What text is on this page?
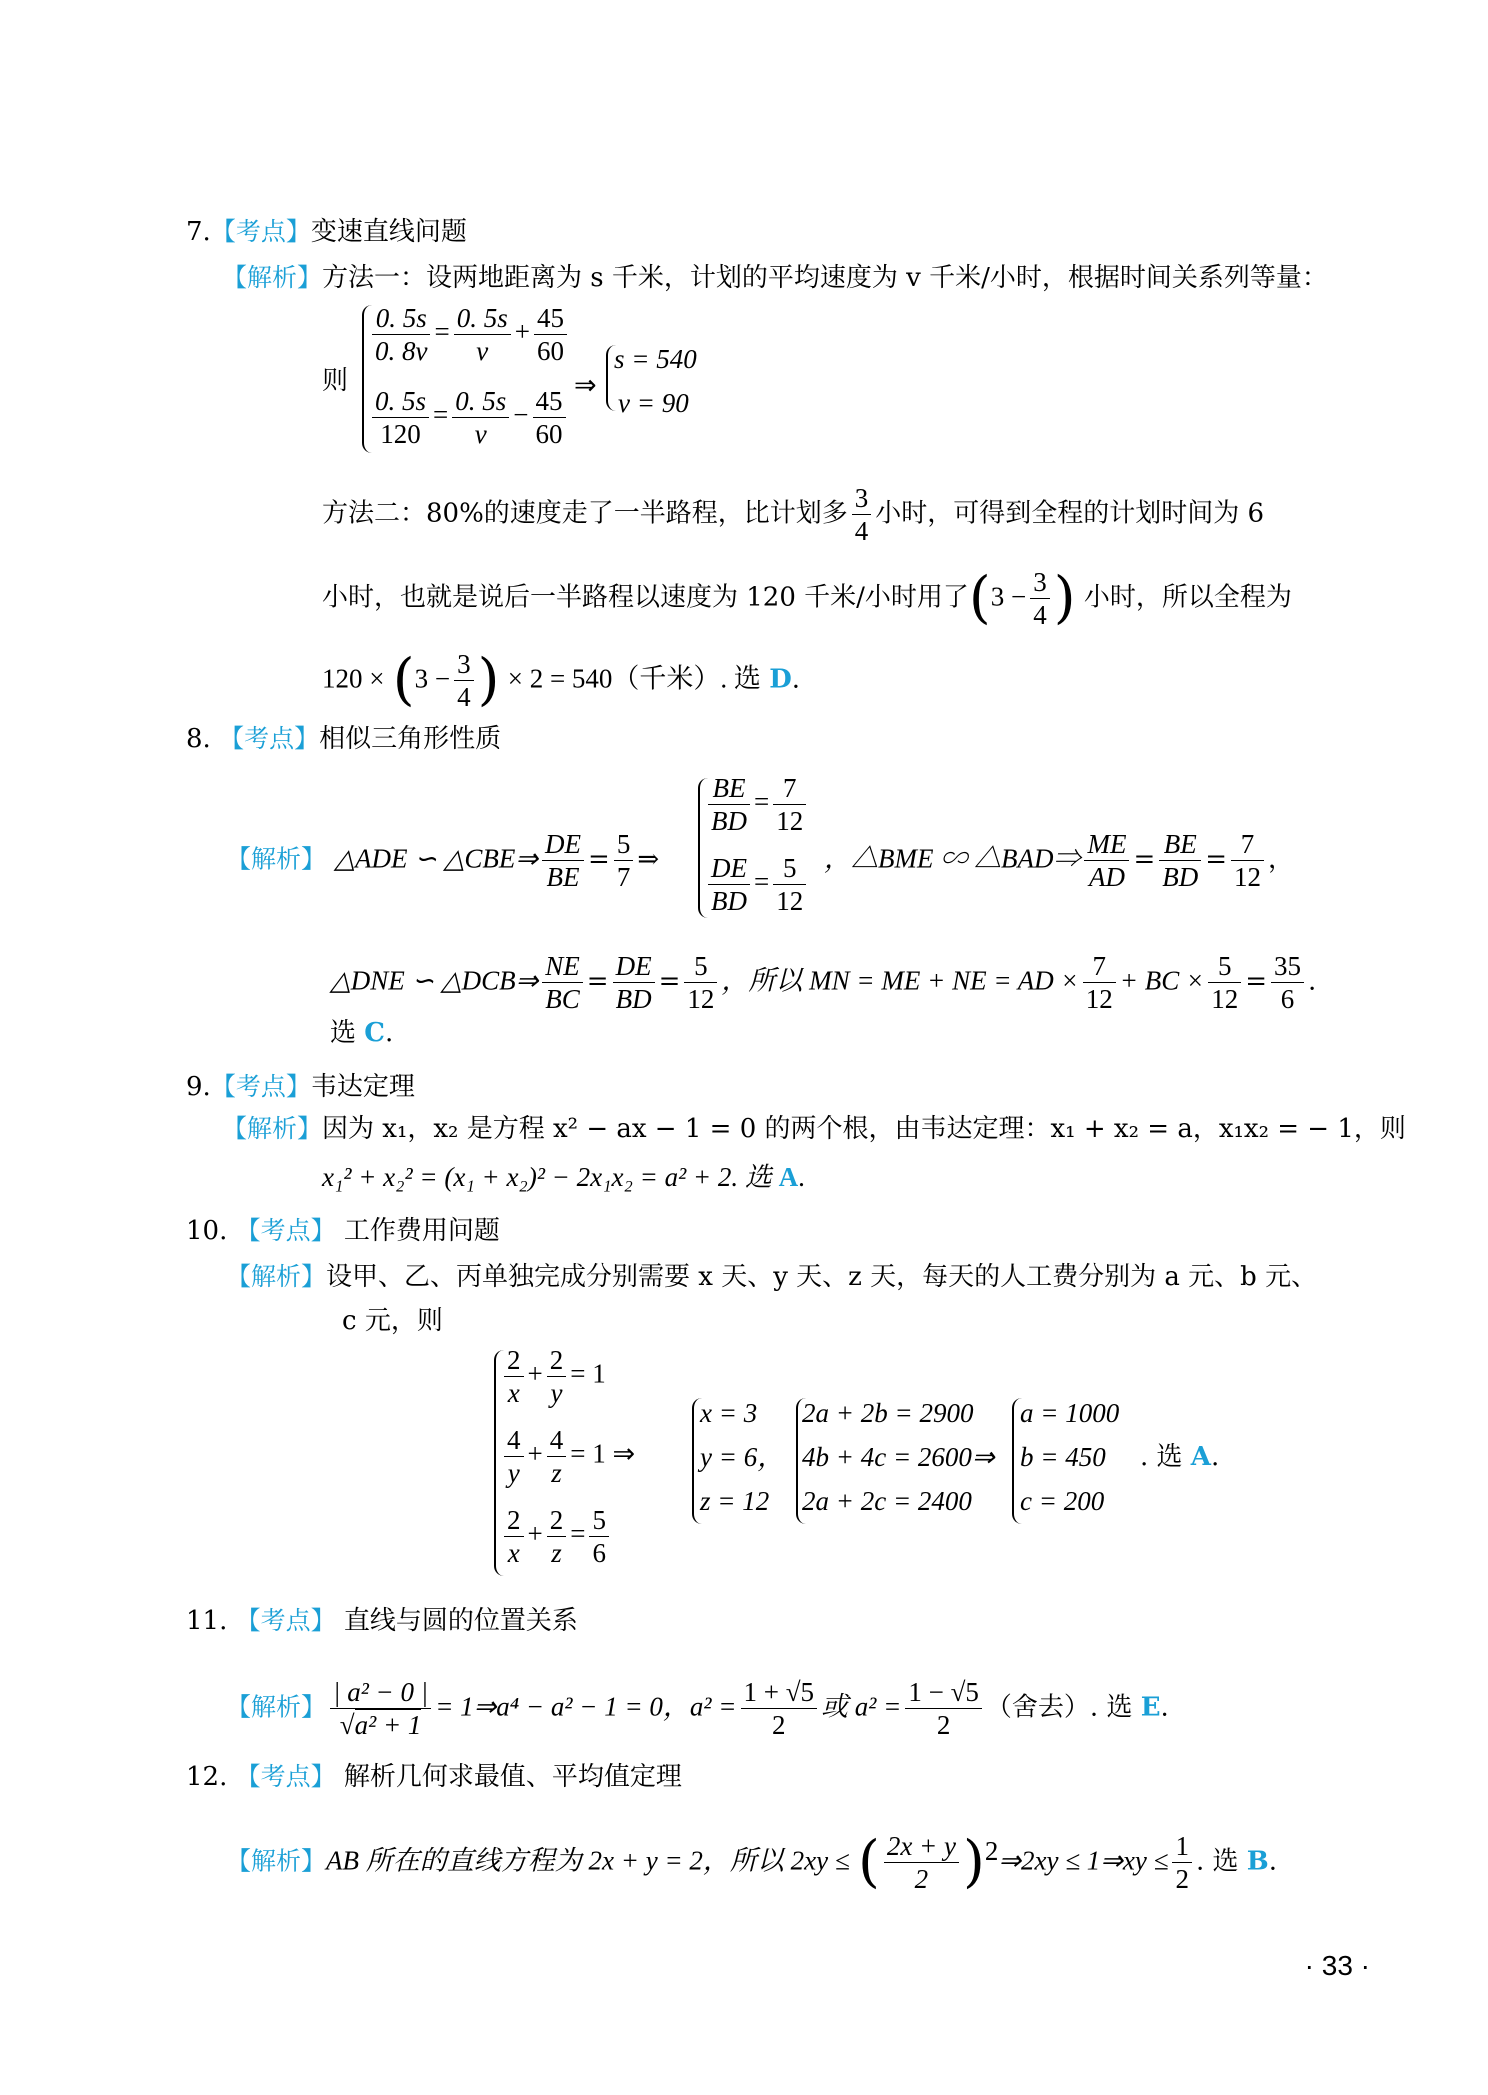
7.【考点】变速直线问题
【解析】方法一：设两地距离为 s 千米，计划的平均速度为 v 千米/小时，根据时间关系列等量：
则
$\frac{0. 5s}{0. 8v} = \frac{0. 5s}{v} + \frac{45}{60}$
$\frac{0. 5s}{120} = \frac{0. 5s}{v} - \frac{45}{60}$ ⇒
s = 540
v = 90
方法二：80%的速度走了一半路程，比计划多 $\frac{3}{4}$ 小时，可得到全程的计划时间为 6
小时，也就是说后一半路程以速度为 120 千米/小时用了($3 - \frac{3}{4}$ ) 小时，所以全程为
$120 \times (3 - \frac{3}{4}$ ) × 2 = 540（千米）. 选 D.
8. 【考点】相似三角形性质
【解析】 △ADE ∽ △CBE⇒ $\frac{DE}{BE} = \frac{5}{7}$ ⇒
$\frac{BE}{BD} = \frac{7}{12}$
$\frac{DE}{BD} = \frac{5}{12}$ ，△BME ∽ △BAD⇒ $\frac{ME}{AD} = \frac{BE}{BD} = \frac{7}{12}$ ，
△DNE ∽ △DCB⇒ $\frac{NE}{BC} = \frac{DE}{BD} = \frac{5}{12}$ ，所以 MN = ME + NE = AD × $\frac{7}{12}$ + BC × $\frac{5}{12} = \frac{35}{6}$ .
选 C.
9.【考点】韦达定理
【解析】因为 x₁，x₂ 是方程 x² − ax − 1 = 0 的两个根，由韦达定理：x₁ + x₂ = a，x₁x₂ = − 1，则
x₁² + x₂² = (x₁ + x₂)² − 2x₁x₂ = a² + 2. 选 A.
10. 【考点】 工作费用问题
【解析】设甲、乙、丙单独完成分别需要 x 天、y 天、z 天，每天的人工费分别为 a 元、b 元、
c 元，则
$\frac{2}{x} + \frac{2}{y} = 1$
$\frac{4}{y} + \frac{4}{z} = 1$ ⇒
$\frac{2}{x} + \frac{2}{z} = \frac{5}{6}$
x = 3
y = 6，
z = 12
2a + 2b = 2900
4b + 4c = 2600⇒
2a + 2c = 2400
a = 1000
b = 450
c = 200
. 选 A.
11. 【考点】 直线与圆的位置关系
【解析】 $\frac{\text{| a² − 0 |}}{\text{√a² + 1}}$ = 1⇒a⁴ − a² − 1 = 0，$a^2 = \frac{1 + √5}{2}$ 或 $a^2 = \frac{1 - √5}{2}$ （舍去）. 选 E.
12. 【考点】 解析几何求最值、平均值定理
【解析】AB 所在的直线方程为 2x + y = 2，所以 2xy ≤ ( $\frac{2x + y}{2}$ )$^2$⇒2xy ≤ 1⇒xy ≤ $\frac{1}{2}$ . 选 B.
· 33 ·
